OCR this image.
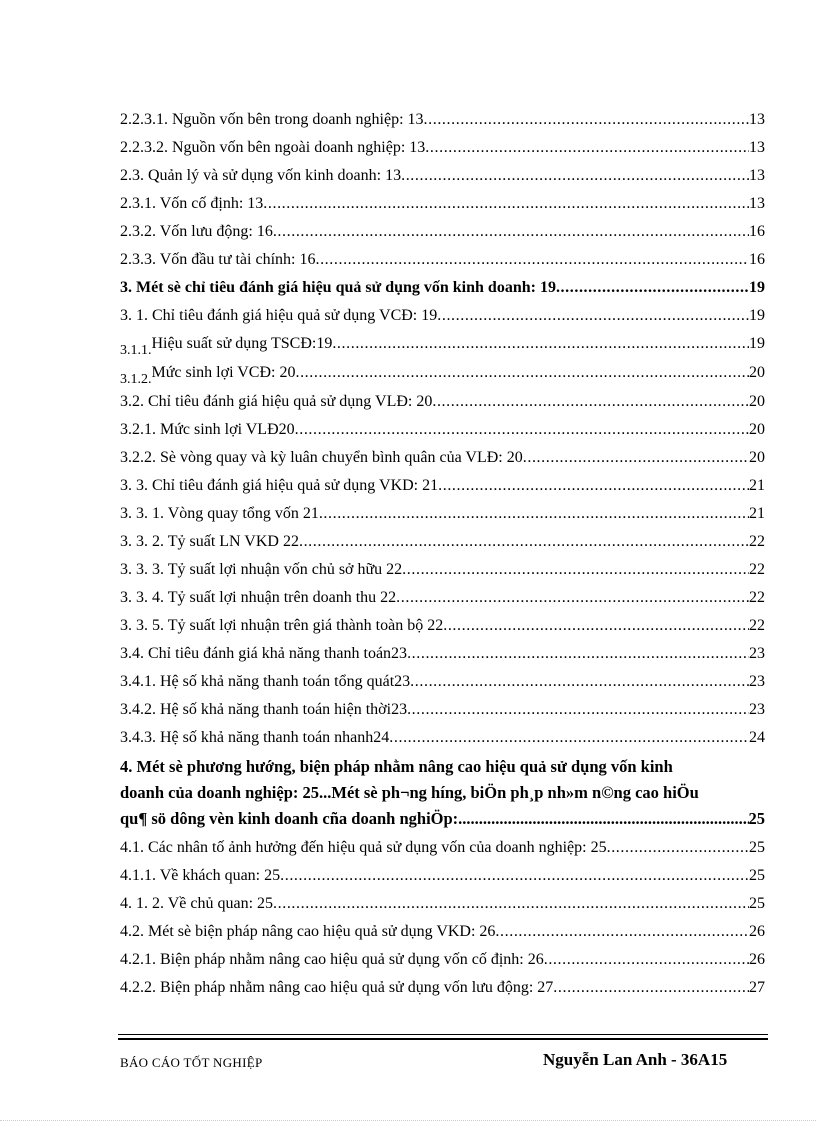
2.2.3.1. Nguồn vốn bên trong doanh nghiệp: 13 .....	13
2.2.3.2. Nguồn vốn bên ngoài doanh nghiệp: 13 .....	13
2.3. Quản lý và sử dụng vốn kinh doanh: 13 .....	13
2.3.1. Vốn cố định: 13 .....	13
2.3.2. Vốn lưu động: 16 .....	16
2.3.3. Vốn đầu tư tài chính: 16 .....	16
3. Mét sè chỉ tiêu đánh giá hiệu quả sử dụng vốn kinh doanh: 19 .....	19
3. 1. Chỉ tiêu đánh giá hiệu quả sử dụng VCĐ: 19 .....	19
3.1.1. Hiệu suất sử dụng TSCĐ:19 .....	19
3.1.2. Mức sinh lợi VCĐ: 20 .....	20
3.2. Chỉ tiêu đánh giá hiệu quả sử dụng VLĐ: 20 .....	20
3.2.1. Mức sinh lợi VLĐ20 .....	20
3.2.2. Sè vòng quay và kỳ luân chuyển bình quân của VLĐ: 20 .....	20
3. 3. Chỉ tiêu đánh giá hiệu quả sử dụng VKD: 21 .....	21
3. 3. 1. Vòng quay tổng vốn 21 .....	21
3. 3. 2. Tỷ suất LN VKD 22 .....	22
3. 3. 3. Tỷ suất lợi nhuận vốn chủ sở hữu 22 .....	22
3. 3. 4. Tỷ suất lợi nhuận trên doanh thu 22 .....	22
3. 3. 5. Tỷ suất lợi nhuận trên giá thành toàn bộ 22 .....	22
3.4. Chỉ tiêu đánh giá khả năng thanh toán23 .....	23
3.4.1. Hệ số khả năng thanh toán tổng quát23 .....	23
3.4.2. Hệ số khả năng thanh toán hiện thời23 .....	23
3.4.3. Hệ số khả năng thanh toán nhanh24 .....	24
4. Mét sè phương hướng, biện pháp nhằm nâng cao hiệu quả sử dụng vốn kinh
doanh của doanh nghiệp: 25...Mét sè ph¬ng híng, biÖn ph¸p nh»m n©ng cao hiÖu
qu¶ sö dông vèn kinh doanh cña doanh nghiÖp: .....	25
4.1. Các nhân tố ảnh hưởng đến hiệu quả sử dụng vốn của doanh nghiệp: 25 .....	25
4.1.1. Về khách quan: 25 .....	25
4. 1. 2. Về chủ quan: 25 .....	25
4.2. Mét sè biện pháp nâng cao hiệu quả sử dụng VKD: 26 .....	26
4.2.1. Biện pháp nhằm nâng cao hiệu quả sử dụng vốn cố định: 26 .....	26
4.2.2. Biện pháp nhằm nâng cao hiệu quả sử dụng vốn lưu động: 27 .....	27
BÁO CÁO TỐT NGHIỆP	Nguyễn Lan Anh - 36A15
